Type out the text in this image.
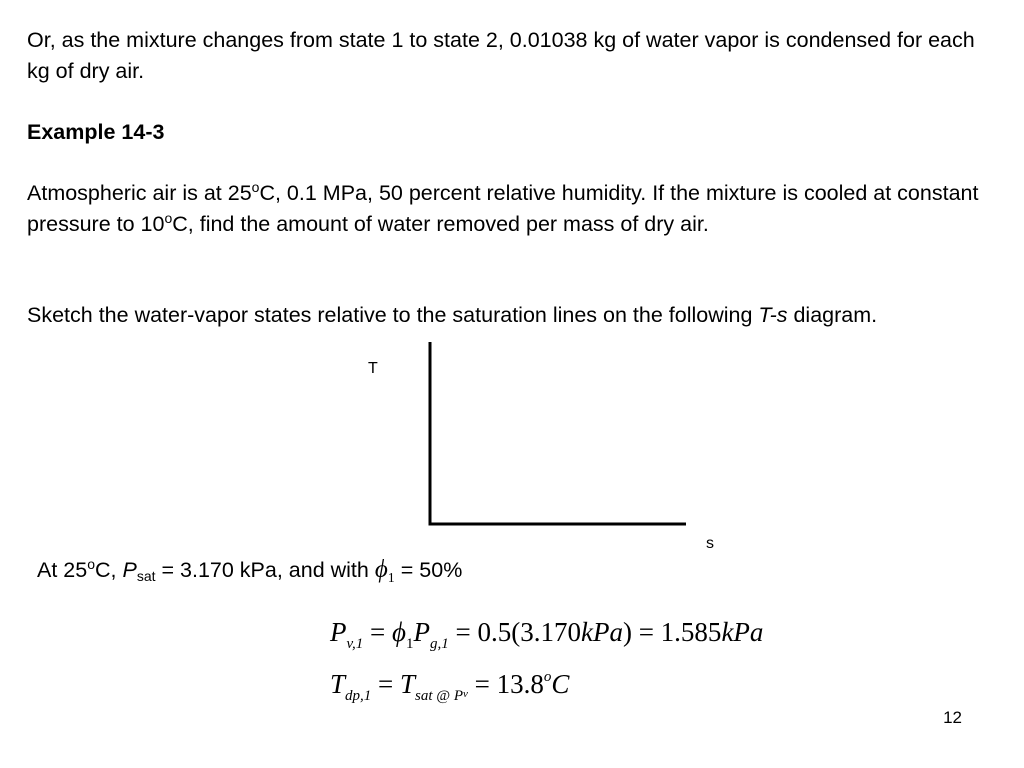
Or, as the mixture changes from state 1 to state 2, 0.01038 kg of water vapor is condensed for each kg of dry air.

Example 14-3

Atmospheric air is at 25$^o$C, 0.1 MPa, 50 percent relative humidity. If the mixture is cooled at constant pressure to 10$^o$C, find the amount of water removed per mass of dry air.

Sketch the water-vapor states relative to the saturation lines on the following T-s diagram.

T
s
At 25$^o$C, $P_{sat} = 3.170$ kPa, and with $\phi_1 = 50\%$
$P_{v,1} = \phi_1P_{g,1} = 0.5(3.170kPa) = 1.585kPa$
$T_{dp,1} = T_{sat @ P}v = 13.8^oC$
12
